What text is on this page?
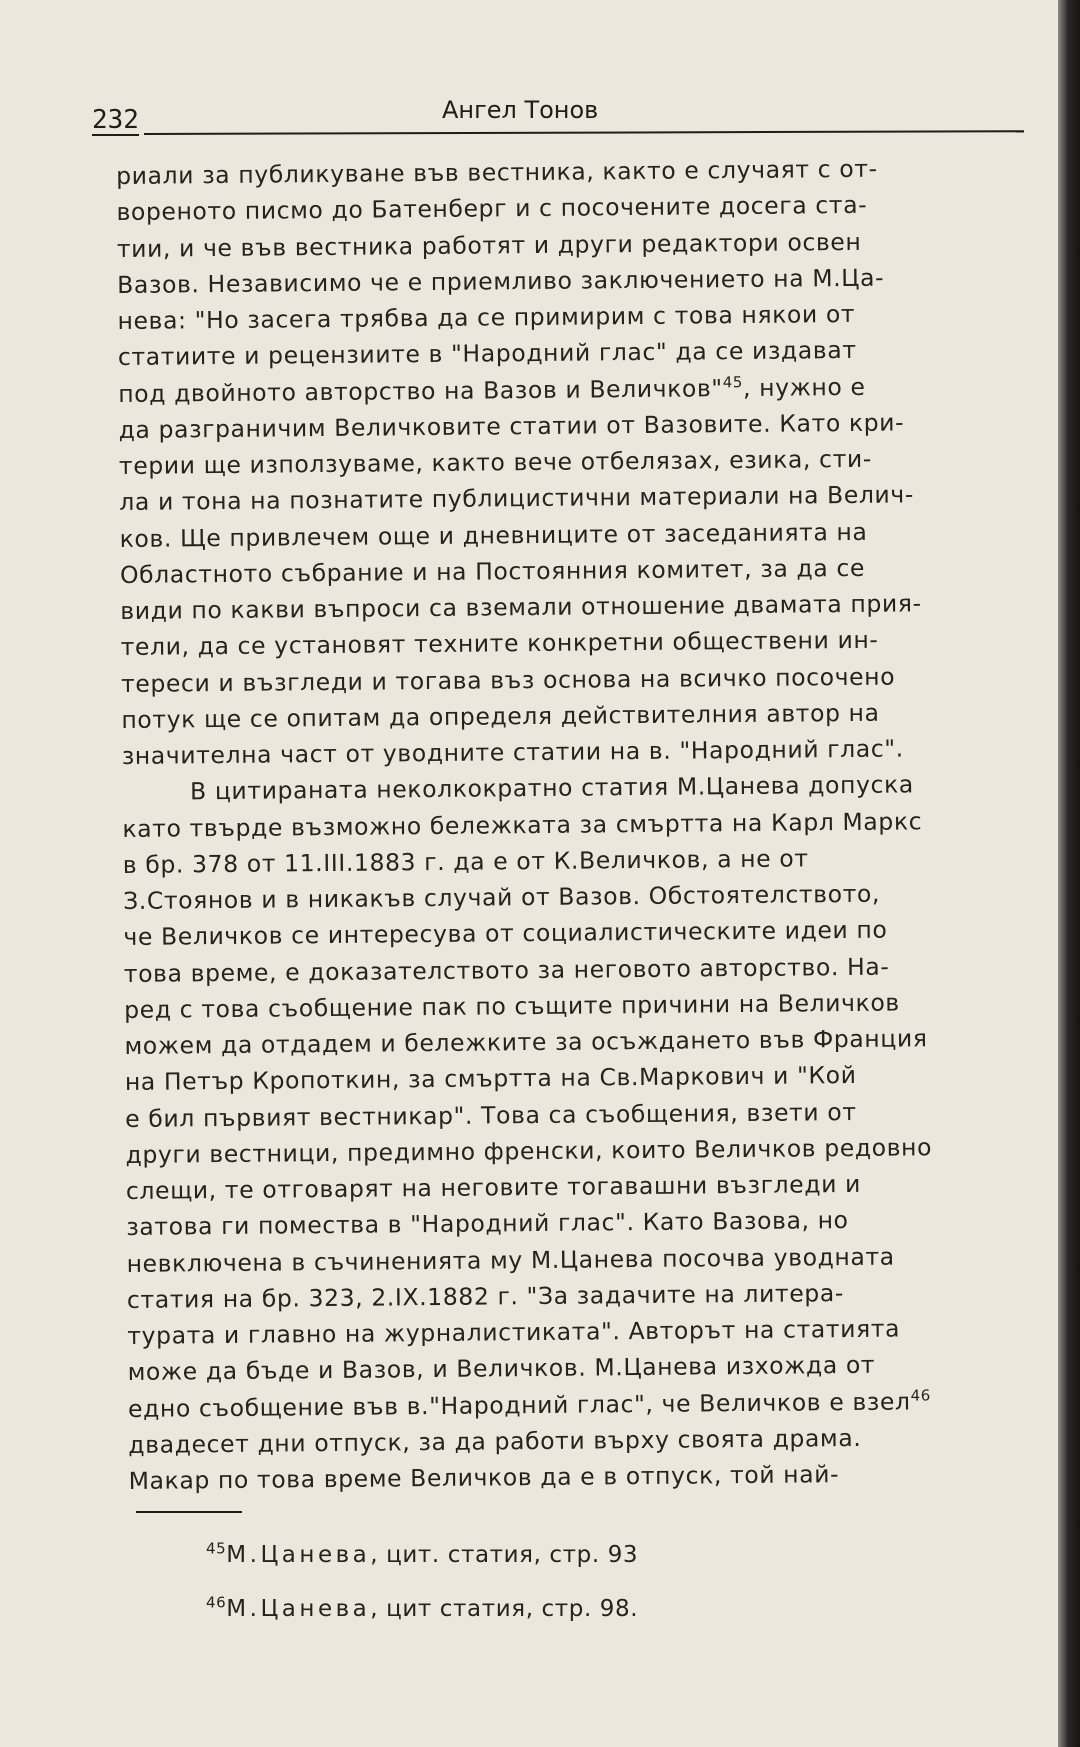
232	Ангел Тонов
риали за публикуване във вестника, както е случаят с от-
вореното писмо до Батенберг и с посочените досега ста-
тии, и че във вестника работят и други редактори освен
Вазов. Независимо че е приемливо заключението на М.Ца-
нева: "Но засега трябва да се примирим с това някои от
статиите и рецензиите в "Народний глас" да се издават
под двойното авторство на Вазов и Величков"$^{45}$, нужно е
да разграничим Величковите статии от Вазовите. Като кри-
терии ще използуваме, както вече отбелязах, езика, сти-
ла и тона на познатите публицистични материали на Велич-
ков. Ще привлечем още и дневниците от заседанията на
Областното събрание и на Постоянния комитет, за да се
види по какви въпроси са вземали отношение двамата прия-
тели, да се установят техните конкретни обществени ин-
тереси и възгледи и тогава въз основа на всичко посочено
потук ще се опитам да определя действителния автор на
значителна част от уводните статии на в. "Народний глас".
В цитираната неколкократно статия М.Цанева допуска
като твърде възможно бележката за смъртта на Карл Маркс
в бр. 378 от 11.III.1883 г. да е от К.Величков, а не от
З.Стоянов и в никакъв случай от Вазов. Обстоятелството,
че Величков се интересува от социалистическите идеи по
това време, е доказателството за неговото авторство. На-
ред с това съобщение пак по същите причини на Величков
можем да отдадем и бележките за осъждането във Франция
на Петър Кропоткин, за смъртта на Св.Маркович и "Кой
е бил първият вестникар". Това са съобщения, взети от
други вестници, предимно френски, които Величков редовно
слещи, те отговарят на неговите тогавашни възгледи и
затова ги помества в "Народний глас". Като Вазова, но
невключена в съчиненията му М.Цанева посочва уводната
статия на бр. 323, 2.IX.1882 г. "За задачите на литера-
турата и главно на журналистиката". Авторът на статията
може да бъде и Вазов, и Величков. М.Цанева изхожда от
едно съобщение във в."Народний глас", че Величков е взел$^{46}$
двадесет дни отпуск, за да работи върху своята драма.
Макар по това време Величков да е в отпуск, той най-
$^{45}$М.Цанева, цит. статия, стр. 93
$^{46}$М.Цанева, цит статия, стр. 98.
